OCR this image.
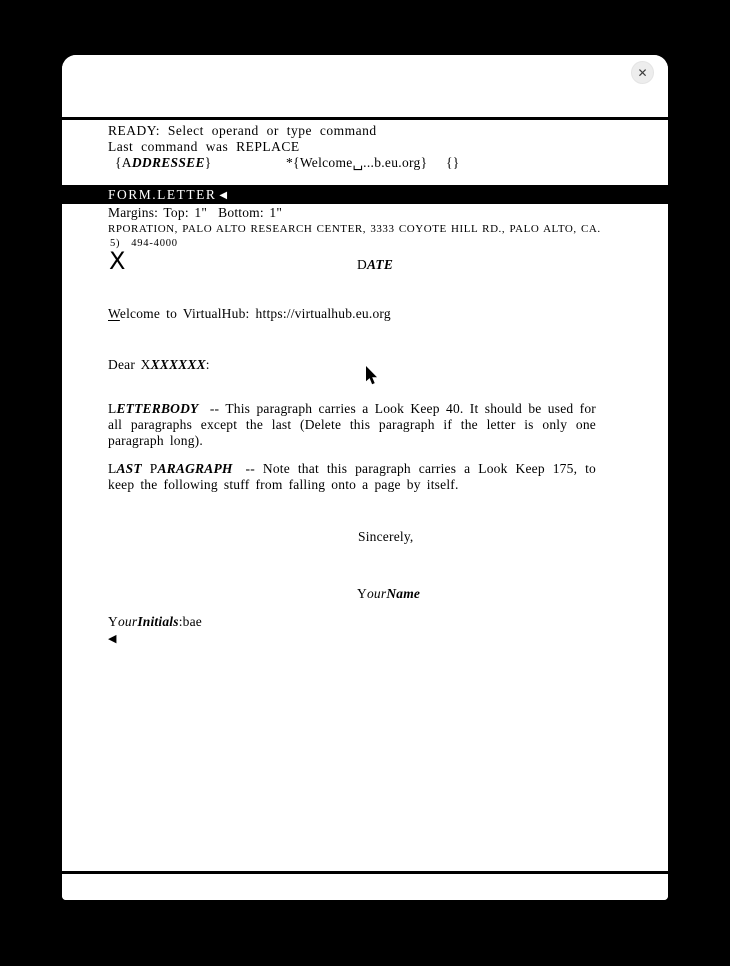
✕
READY: Select operand or type command
Last command was REPLACE
{ADDRESSEE}	*{Welcome␣...b.eu.org} {}
FORM.LETTER ◀
Margins: Top: 1"  Bottom: 1"
RPORATION, PALO ALTO RESEARCH CENTER, 3333 COYOTE HILL RD., PALO ALTO, CA.
5)  494-4000
X	DATE
Welcome to VirtualHub: https://virtualhub.eu.org
Dear XXXXXXX:
LETTERBODY -- This paragraph carries a Look Keep 40. It should be used for all paragraphs except the last (Delete this paragraph if the letter is only one paragraph long).
LAST PARAGRAPH -- Note that this paragraph carries a Look Keep 175, to keep the following stuff from falling onto a page by itself.
Sincerely,
YourName
YourInitials:bae
◀
